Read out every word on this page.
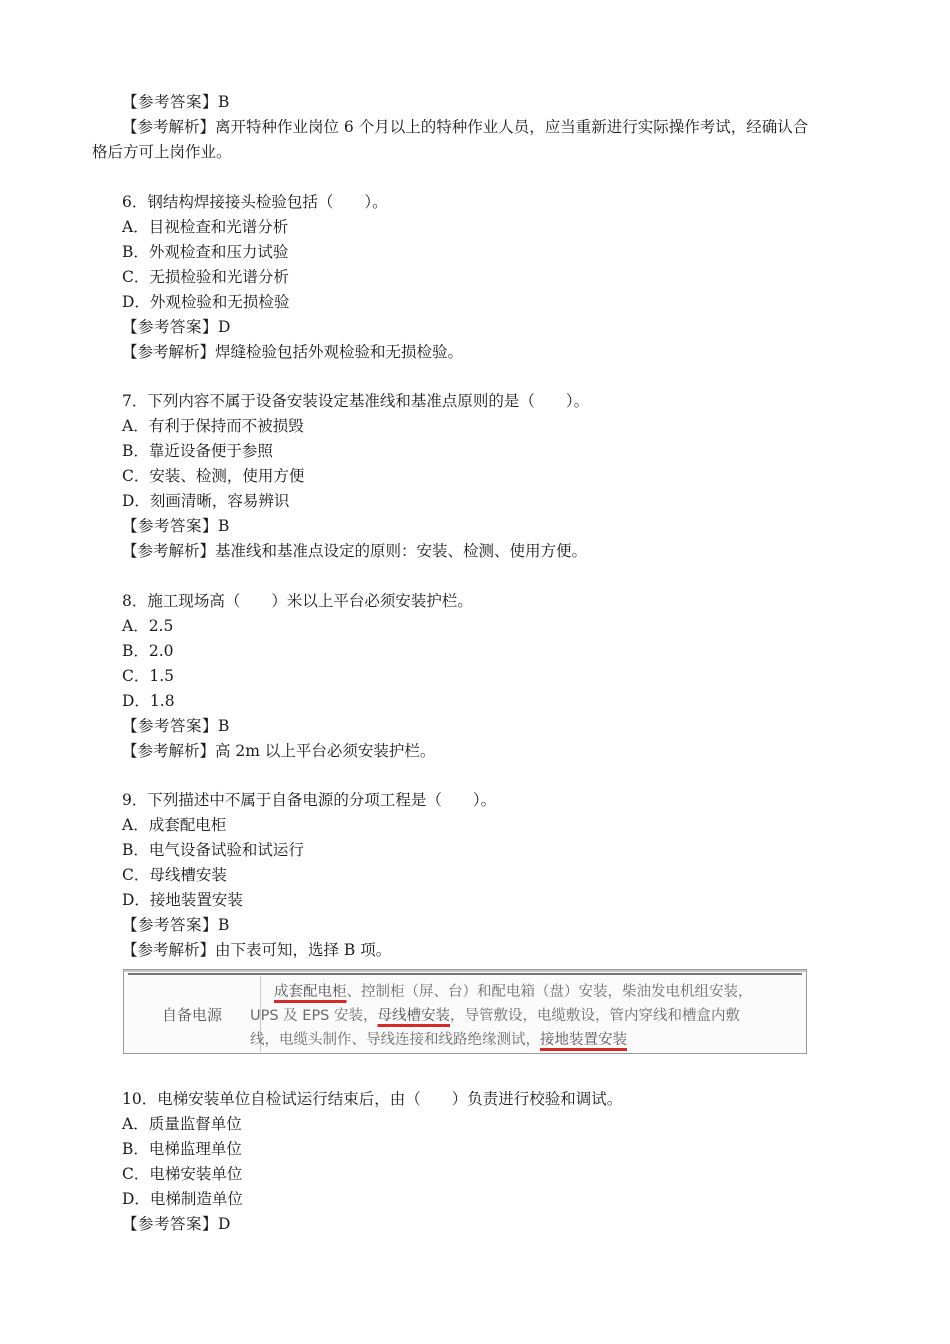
【参考答案】B
【参考解析】离开特种作业岗位 6 个月以上的特种作业人员，应当重新进行实际操作考试，经确认合
格后方可上岗作业。
6．钢结构焊接接头检验包括（　　）。
A．目视检查和光谱分析
B．外观检查和压力试验
C．无损检验和光谱分析
D．外观检验和无损检验
【参考答案】D
【参考解析】焊缝检验包括外观检验和无损检验。
7．下列内容不属于设备安装设定基准线和基准点原则的是（　　）。
A．有利于保持而不被损毁
B．靠近设备便于参照
C．安装、检测，使用方便
D．刻画清晰，容易辨识
【参考答案】B
【参考解析】基准线和基准点设定的原则：安装、检测、使用方便。
8．施工现场高（　　）米以上平台必须安装护栏。
A．2.5
B．2.0
C．1.5
D．1.8
【参考答案】B
【参考解析】高 2m 以上平台必须安装护栏。
9．下列描述中不属于自备电源的分项工程是（　　）。
A．成套配电柜
B．电气设备试验和试运行
C．母线槽安装
D．接地装置安装
【参考答案】B
【参考解析】由下表可知，选择 B 项。
自备电源
成套配电柜、控制柜（屏、台）和配电箱（盘）安装，柴油发电机组安装，
UPS 及 EPS 安装，母线槽安装，导管敷设，电缆敷设，管内穿线和槽盒内敷
线，电缆头制作、导线连接和线路绝缘测试，接地装置安装
10．电梯安装单位自检试运行结束后，由（　　）负责进行校验和调试。
A．质量监督单位
B．电梯监理单位
C．电梯安装单位
D．电梯制造单位
【参考答案】D
